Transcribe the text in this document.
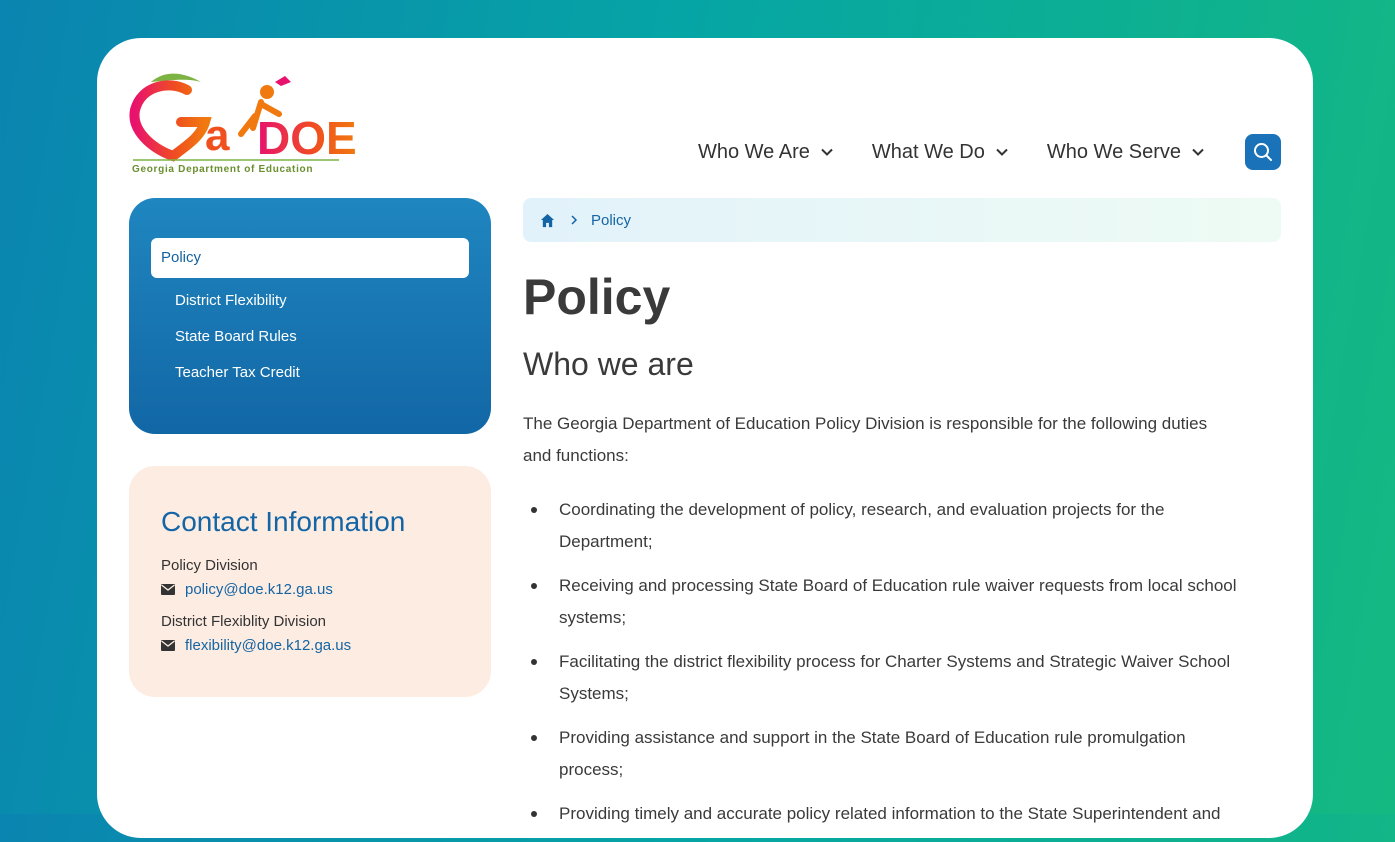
a DOE
Georgia Department of Education
Who We Are	What We Do	Who We Serve
Policy
District Flexibility
State Board Rules
Teacher Tax Credit
Contact Information
Policy Division
policy@doe.k12.ga.us
District Flexiblity Division
flexibility@doe.k12.ga.us
Policy
Policy
Who we are

The Georgia Department of Education Policy Division is responsible for the following duties and functions:

Coordinating the development of policy, research, and evaluation projects for the Department;
Receiving and processing State Board of Education rule waiver requests from local school systems;
Facilitating the district flexibility process for Charter Systems and Strategic Waiver School Systems;
Providing assistance and support in the State Board of Education rule promulgation process;
Providing timely and accurate policy related information to the State Superintendent and
